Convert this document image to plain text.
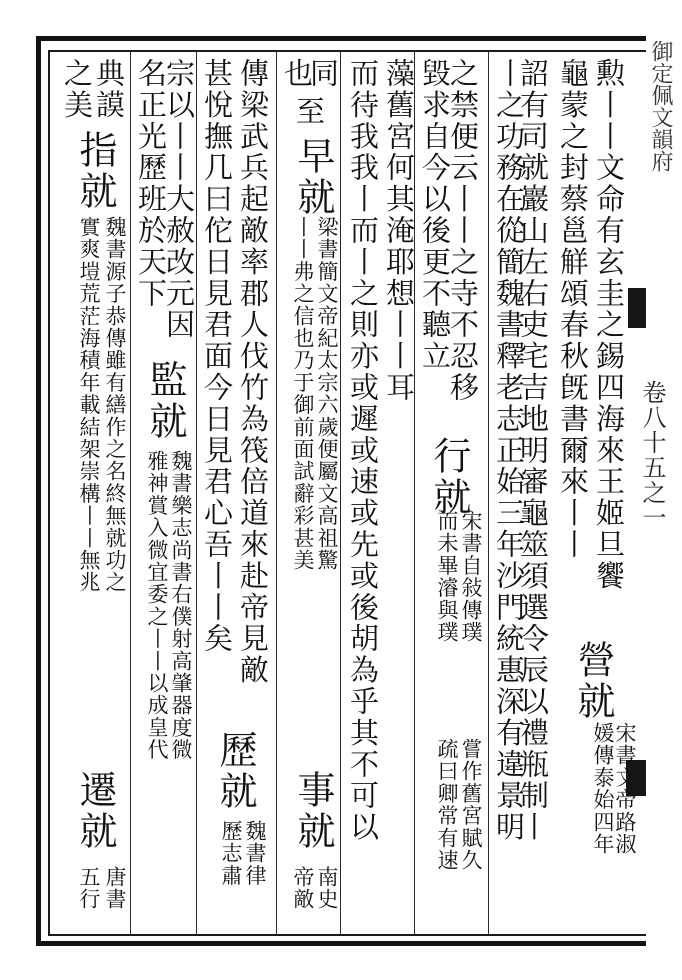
御定佩文韻府
卷八十五之一
勲丨丨文命有玄圭之錫四海來王姬旦饗
龜蒙之封蔡邕觧頌春秋旣書爾來丨丨
營就
宋書文帝路淑
媛傳泰始四年
詔有司就巖山左右吏宅吉地明審龜筮須選令辰以禮瓶制丨
丨之功務在從簡魏書釋老志正始三年沙門統惠深有違景明
之禁便云丨丨之寺不忍移
毀求自今以後更不聽立
行就
宋書自敍傳璞
而未畢濬與璞
嘗作舊宮賦久
疏曰卿常有速
藻舊宮何其淹耶想丨丨耳
而待我我丨而丨之則亦或遲或速或先或後胡為乎其不可以
同
至
也
早就
梁書簡文帝紀太宗六歲便屬文高祖驚
丨丨弗之信也乃于御前面試辭彩甚美
事就
南史
帝敵
傳梁武兵起敵率郡人伐竹為筏倍道來赴帝見敵
甚悅撫几曰佗日見君面今日見君心吾丨丨矣
歷就
魏書律
歷志肅
宗以丨丨大赦改元因
名正光歷班於天下
監就
魏書樂志尚書右僕射高肇器度微
雅神賞入微宜委之丨丨以成皇代
典謨
之美
指就
魏書源子恭傳雖有繕作之名終無就功之
實爽塏荒茫海積年載結架崇構丨丨無兆
遷就
唐書
五行
